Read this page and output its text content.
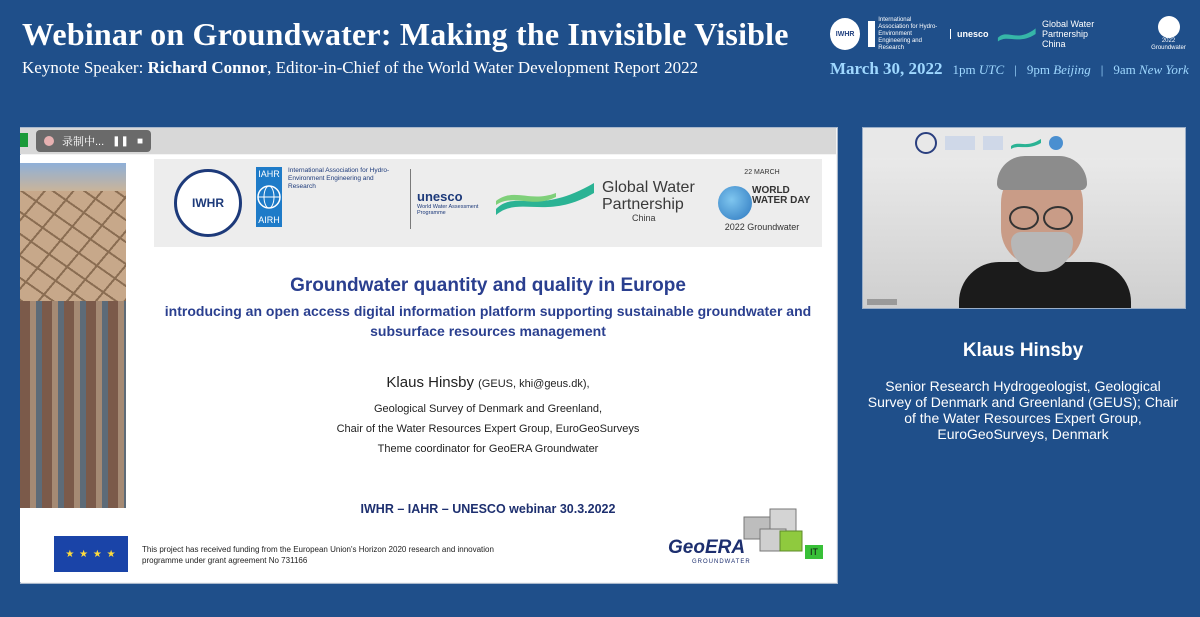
Webinar on Groundwater: Making the Invisible Visible
Keynote Speaker: Richard Connor, Editor-in-Chief of the World Water Development Report 2022
IWHR
International Association for Hydro-Environment Engineering and Research
unesco
Global Water Partnership
China	2022 Groundwater
March 30, 2022 1pm UTC | 9pm Beijing | 9am New York
录制中... ❚❚ ■
IWHR
IAHR
AIRH
International Association for Hydro-Environment Engineering and Research
unesco
World Water Assessment Programme
Global Water
Partnership
China
22 MARCH
WORLD WATER DAY
2022 Groundwater
Groundwater quantity and quality in Europe
introducing an open access digital information platform supporting sustainable groundwater and subsurface resources management
Klaus Hinsby (GEUS, khi@geus.dk),
Geological Survey of Denmark and Greenland,
Chair of the Water Resources Expert Group, EuroGeoSurveys
Theme coordinator for GeoERA Groundwater
IWHR – IAHR – UNESCO webinar 30.3.2022
★ ★ ★ ★	This project has received funding from the European Union's Horizon 2020 research and innovation programme under grant agreement No 731166
GeoERA
GROUNDWATER
IT
Klaus Hinsby
Senior Research Hydrogeologist, Geological Survey of Denmark and Greenland (GEUS); Chair of the Water Resources Expert Group, EuroGeoSurveys, Denmark
